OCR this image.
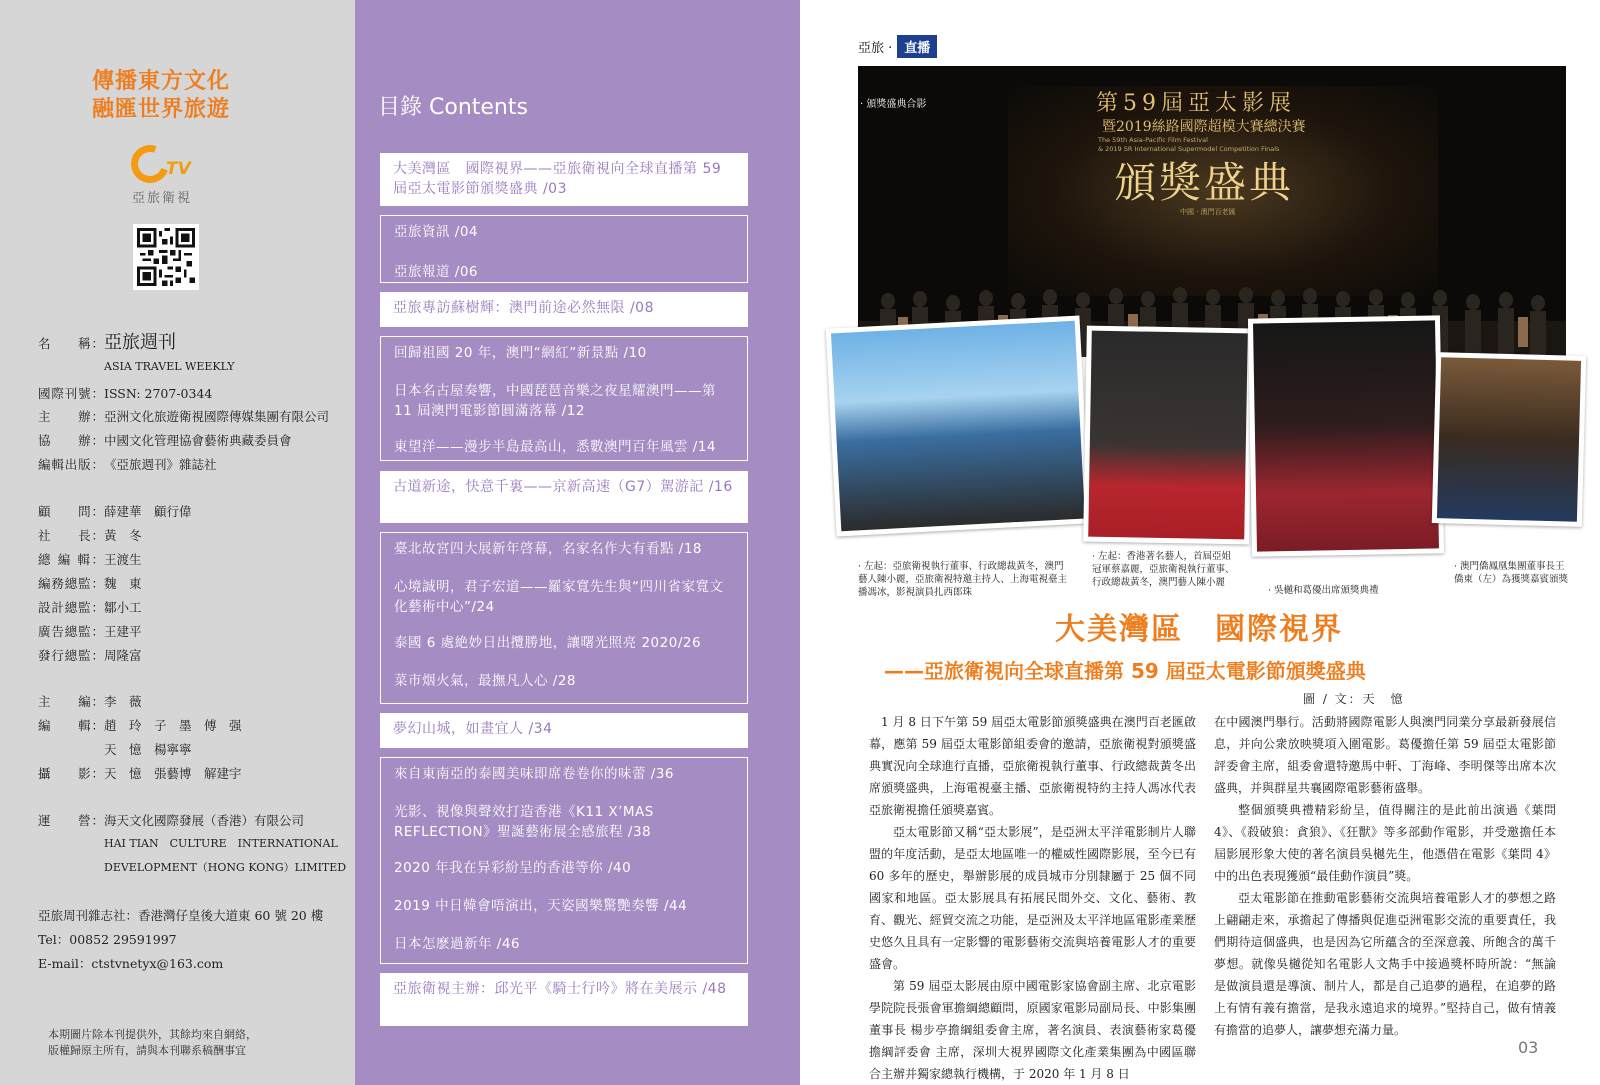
傳播東方文化
融匯世界旅遊
TV
亞旅衛視
名　　稱：亞旅週刊
ASIA TRAVEL WEEKLY
國際刊號：ISSN: 2707-0344
主　　辦：亞洲文化旅遊衛視國際傳媒集團有限公司
協　　辦：中國文化管理協會藝術典藏委員會
編輯出版：《亞旅週刊》雜誌社
顧　　問：薛建華　顧行偉
社　　長：黃　冬
總 編 輯：王渡生
編務總監：魏　東
設計總監：鄒小工
廣告總監：王建平
發行總監：周隆富
主　　編：李　薇
編　　輯：趙　玲　子　墨　傅　强
天　憶　楊寧寧
攝　　影：天　憶　張藝博　解建宇
運　　營：海天文化國際發展（香港）有限公司
HAI TIAN　CULTURE　INTERNATIONAL
DEVELOPMENT（HONG KONG）LIMITED
亞旅周刊雜志社：香港灣仔皇後大道東 60 號 20 樓
Tel：00852 29591997
E-mail：ctstvnetyx@163.com
本期圖片除本刊提供外，其餘均來自網絡，
版權歸原主所有，請與本刊聯系稿酬事宜
目錄 Contents
大美灣區　國際視界——亞旅衛視向全球直播第 59 屆亞太電影節頒獎盛典 /03
亞旅資訊 /04
亞旅報道 /06
亞旅專訪蘇樹輝：澳門前途必然無限 /08
回歸祖國 20 年，澳門“網紅”新景點 /10
日本名古屋奏響，中國琵琶音樂之夜星耀澳門——第 11 屆澳門電影節圓滿落幕 /12
東望洋——漫步半島最高山，悉數澳門百年風雲 /14
古道新途，快意千裏——京新高速（G7）駕游記 /16
臺北故宮四大展新年啓幕，名家名作大有看點 /18
心境誠明，君子宏道——羅家寬先生與“四川省家寬文化藝術中心”/24
泰國 6 處絶妙日出攬勝地，讓曙光照亮 2020/26
菜市烟火氣，最撫凡人心 /28
夢幻山城，如畫宜人 /34
來自東南亞的泰國美味即席卷卷你的味蕾 /36
光影、視像與聲效打造香港《K11 X’MAS REFLECTION》聖誕藝術展全感旅程 /38
2020 年我在异彩紛呈的香港等你 /40
2019 中日韓會唔演出，天姿國樂驚艷奏響 /44
日本怎麽過新年 /46
亞旅衛視主辦：邱光平《騎士行吟》將在美展示 /48
亞旅 · 直播
· 頒獎盛典合影	第59屆亞太影展
暨2019絲路國際超模大賽總決賽
The 59th Asia-Pacific Film Festival
& 2019 SR International Supermodel Competition Finals
頒獎盛典
中國 · 澳門百老匯
· 左起：亞旅衛視執行董事、行政總裁黃冬，澳門藝人陳小麗，亞旅衛視特邀主持人、上海電視臺主播馮冰，影視演員扎西郎珠
· 左起：香港著名藝人，首屆亞姐冠軍蔡嘉麗，亞旅衛視執行董事、行政總裁黃冬，澳門藝人陳小麗
· 吳樾和葛優出席頒獎典禮
· 澳門僑鳳凰集團董事長王僑東（左）為獲獎嘉賓頒獎
大美灣區　國際視界
——亞旅衛視向全球直播第 59 屆亞太電影節頒獎盛典
圖 / 文：天　憶

1 月 8 日下午第 59 屆亞太電影節頒獎盛典在澳門百老匯啟幕，應第 59 屆亞太電影節組委會的邀請，亞旅衛視對頒獎盛典實況向全球進行直播，亞旅衛視執行董事、行政總裁黃冬出席頒獎盛典，上海電視臺主播、亞旅衛視特約主持人馮冰代表亞旅衛視擔任頒獎嘉賓。

亞太電影節又稱“亞太影展”，是亞洲太平洋電影制片人聯盟的年度活動，是亞太地區唯一的權威性國際影展，至今已有 60 多年的歷史，舉辦影展的成員城市分別隸屬于 25 個不同國家和地區。亞太影展具有拓展民間外交、文化、藝術、教育、觀光、經貿交流之功能，是亞洲及太平洋地區電影產業歷史悠久且具有一定影響的電影藝術交流與培養電影人才的重要盛會。

第 59 屆亞太影展由原中國電影家協會副主席、北京電影學院院長張會軍擔綱總顧問，原國家電影局副局長、中影集團董事長 楊步亭擔綱組委會主席，著名演員、表演藝術家葛優擔綱評委會 主席，深圳大視界國際文化產業集團為中國區聯合主辦并獨家總執行機構，于 2020 年 1 月 8 日

在中國澳門舉行。活動將國際電影人與澳門同業分享最新發展信息，并向公衆放映獎項入圍電影。葛優擔任第 59 屆亞太電影節評委會主席，組委會還特邀馬中軒、丁海峰、李明傑等出席本次盛典，并與群星共襄國際電影藝術盛舉。

整個頒獎典禮精彩紛呈，值得關注的是此前出演過《葉問 4》、《殺破狼：貪狼》、《狂獸》等多部動作電影，并受邀擔任本屆影展形象大使的著名演員吳樾先生，他憑借在電影《葉問 4》中的出色表現獲頒“最佳動作演員”獎。

亞太電影節在推動電影藝術交流與培養電影人才的夢想之路上翩翩走來，承擔起了傳播與促進亞洲電影交流的重要責任，我們期待這個盛典，也是因為它所蘊含的至深意義、所飽含的萬千夢想。就像吳樾從知名電影人文雋手中接過獎杯時所說：“無論是做演員還是導演、制片人，都是自己追夢的過程，在追夢的路上有情有義有擔當，是我永遠追求的境界。”堅持自己，做有情義有擔當的追夢人，讓夢想充滿力量。

03
